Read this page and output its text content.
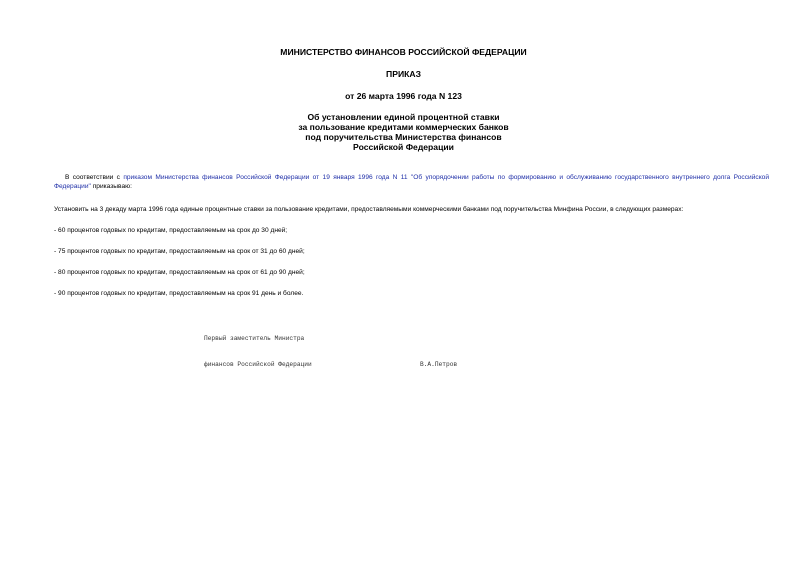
МИНИСТЕРСТВО ФИНАНСОВ РОССИЙСКОЙ ФЕДЕРАЦИИ

ПРИКАЗ

от 26 марта 1996 года N 123

Об установлении единой процентной ставки
за пользование кредитами коммерческих банков
под поручительства Министерства финансов
Российской Федерации

В соответствии с приказом Министерства финансов Российской Федерации от 19 января 1996 года N 11 "Об упорядочении работы по формированию и обслуживанию государственного внутреннего долга Российской Федерации" приказываю:

Установить на 3 декаду марта 1996 года единые процентные ставки за пользование кредитами, предоставляемыми коммерческими банками под поручительства Минфина России, в следующих размерах:

- 60 процентов годовых по кредитам, предоставляемым на срок до 30 дней;

- 75 процентов годовых по кредитам, предоставляемым на срок от 31 до 60 дней;

- 80 процентов годовых по кредитам, предоставляемым на срок от 61 до 90 дней;

- 90 процентов годовых по кредитам, предоставляемым на срок 91 день и более.

Первый заместитель Министра

финансов Российской Федерации	В.А.Петров
